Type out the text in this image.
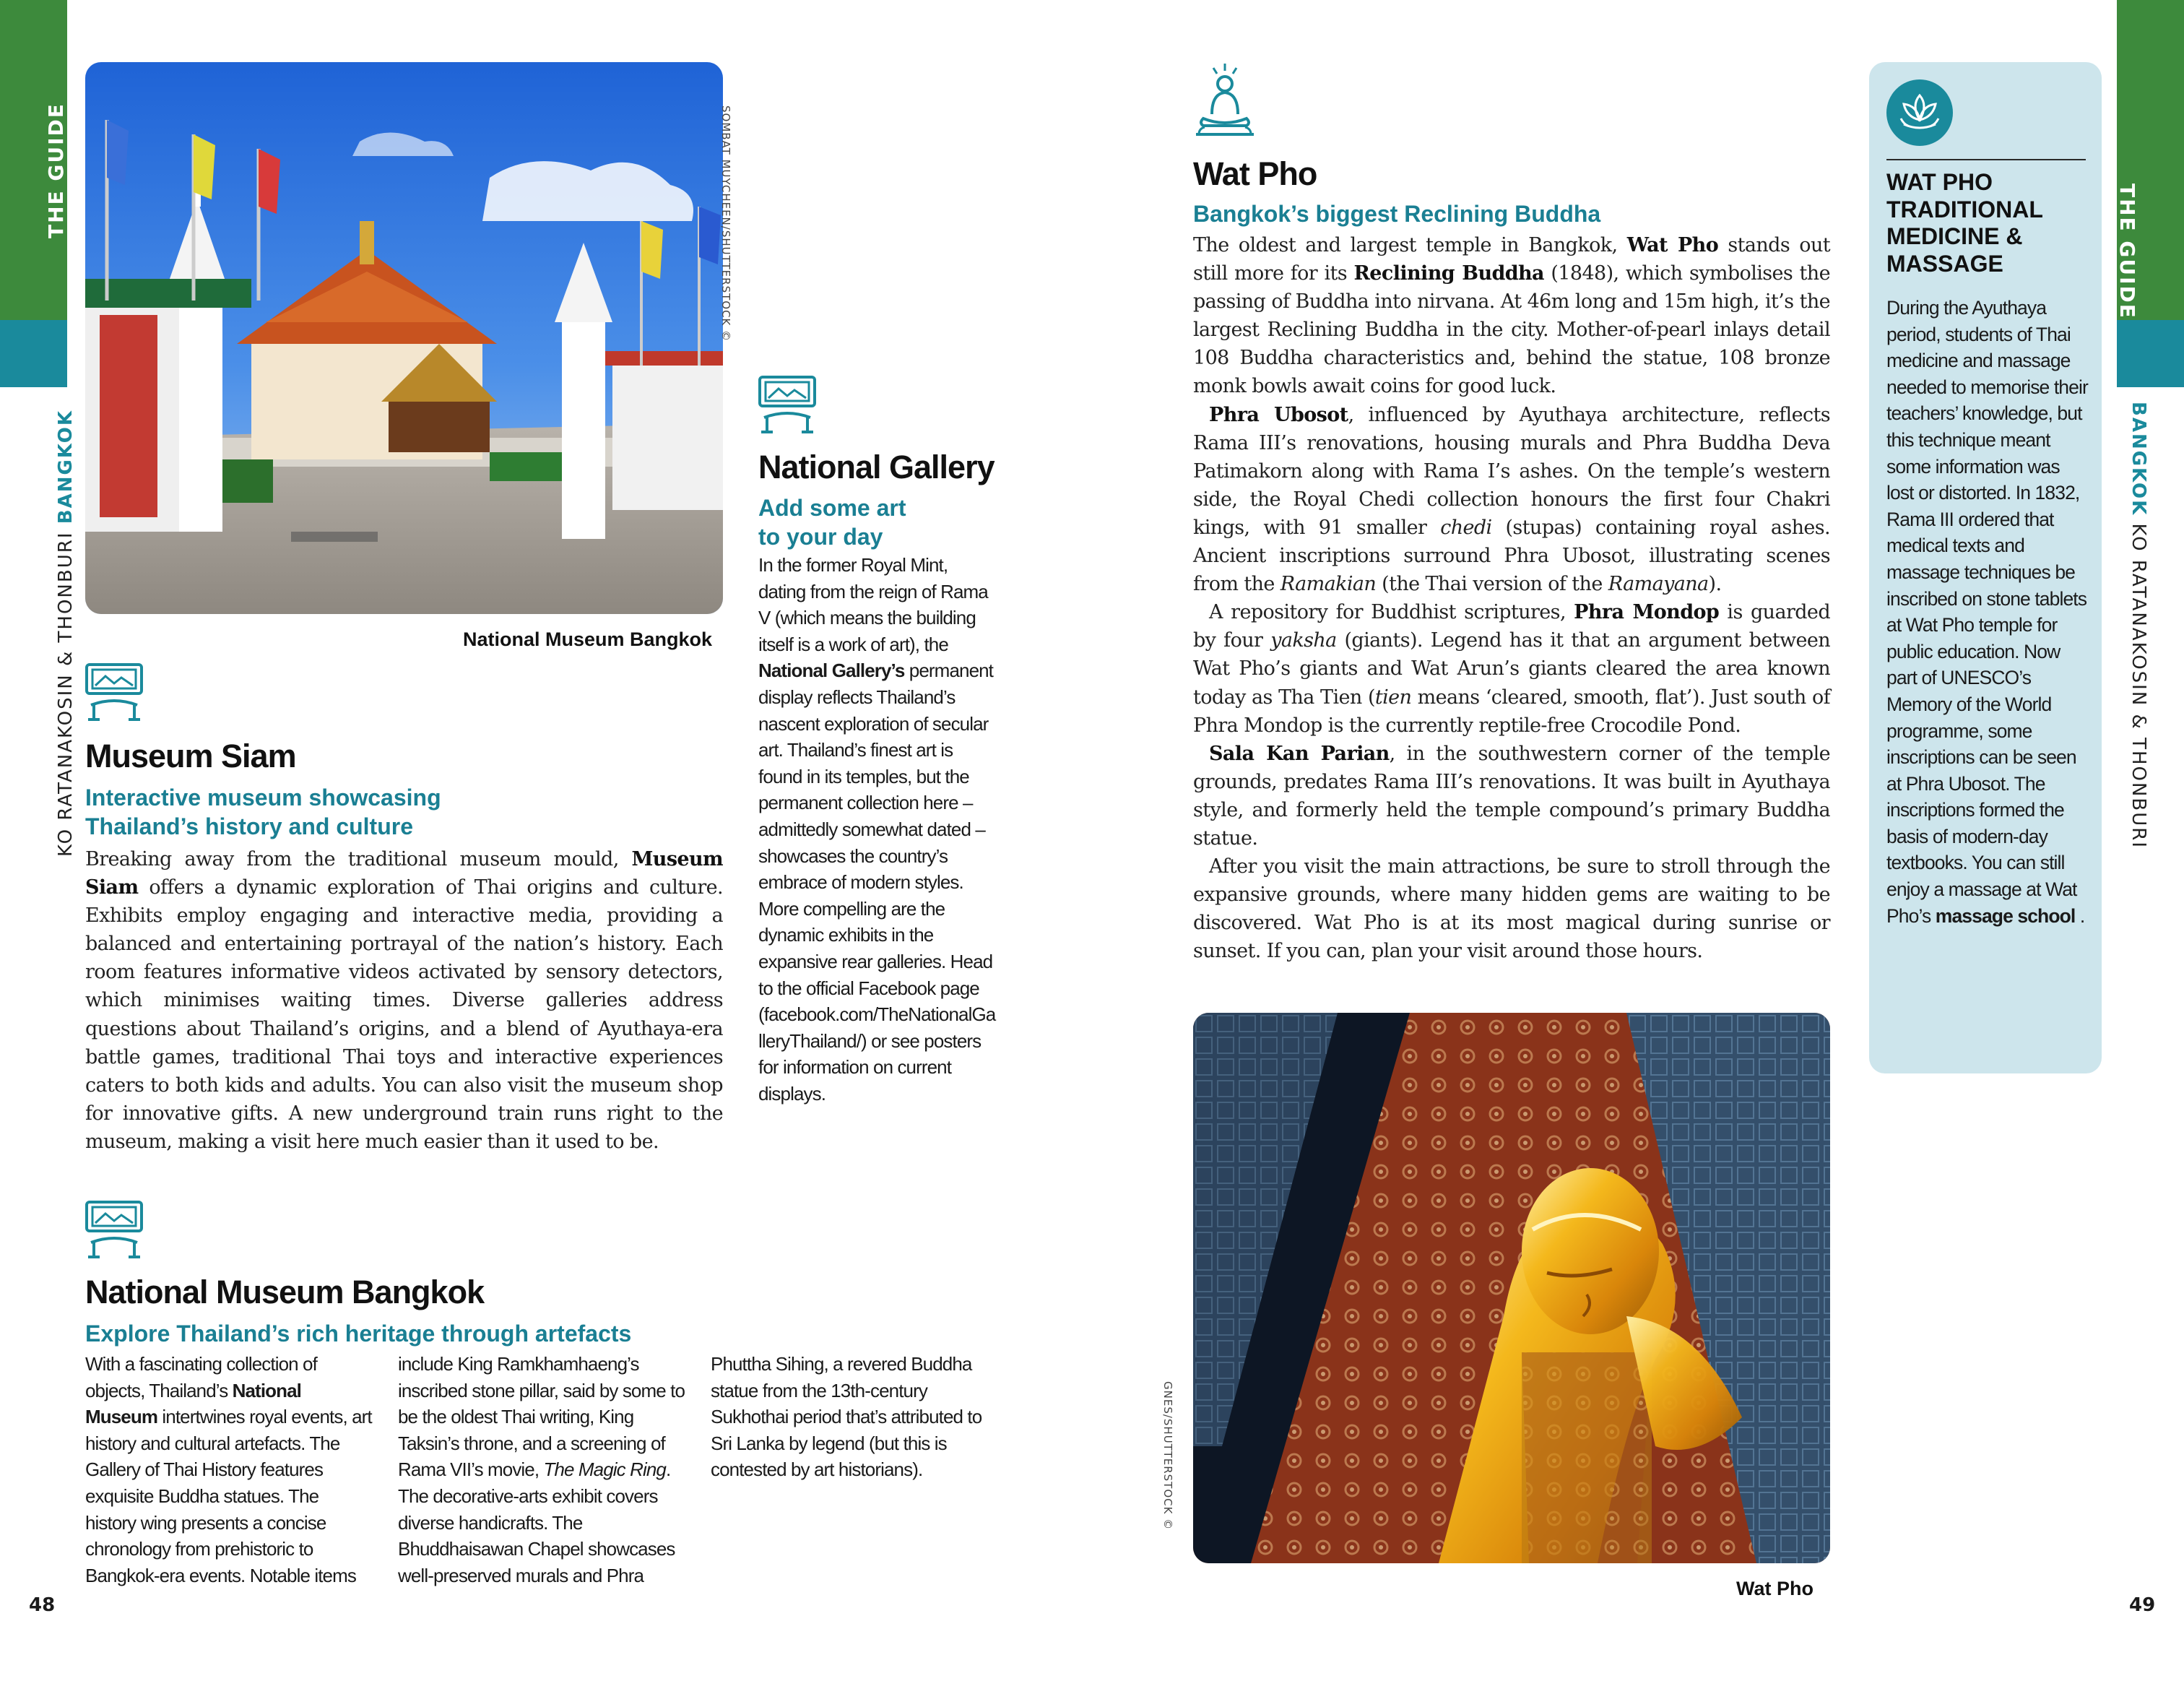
THE GUIDE
KO RATANAKOSIN & THONBURI BANGKOK
SOMBAT MUYCHEEN/SHUTTERSTOCK ©
National Museum Bangkok
Museum Siam
Interactive museum showcasing
Thailand’s history and culture

Breaking away from the traditional museum mould, Museum Siam offers a dynamic exploration of Thai origins and culture. Exhibits employ engaging and interactive media, providing a balanced and entertaining portrayal of the nation’s history. Each room features informative videos activated by sensory detectors, which minimises waiting times. Diverse galleries address questions about Thailand’s origins, and a blend of Ayuthaya-era battle games, traditional Thai toys and interactive experiences caters to both kids and adults. You can also visit the museum shop for innovative gifts. A new underground train runs right to the museum, making a visit here much easier than it used to be.

National Gallery
Add some art
to your day
In the former Royal Mint, dating from the reign of Rama V (which means the building itself is a work of art), the National Gallery’s permanent display reflects Thailand’s nascent exploration of secular art. Thailand’s finest art is found in its temples, but the permanent collection here – admittedly somewhat dated – showcases the country’s embrace of modern styles. More compelling are the dynamic exhibits in the expansive rear galleries. Head to the official Facebook page (facebook.com/TheNationalGalleryThailand/) or see posters for information on current displays.
National Museum Bangkok
Explore Thailand’s rich heritage through artefacts
With a fascinating collection of objects, Thailand’s National Museum intertwines royal events, art history and cultural artefacts. The Gallery of Thai History features exquisite Buddha statues. The history wing presents a concise chronology from prehistoric to Bangkok-era events. Notable items include King Ramkhamhaeng’s inscribed stone pillar, said by some to be the oldest Thai writing, King Taksin’s throne, and a screening of Rama VII’s movie, The Magic Ring. The decorative-arts exhibit covers diverse handicrafts. The Bhuddhaisawan Chapel showcases well-preserved murals and Phra Phuttha Sihing, a revered Buddha statue from the 13th-century Sukhothai period that’s attributed to Sri Lanka by legend (but this is contested by art historians).
48
Wat Pho
Bangkok’s biggest Reclining Buddha

The oldest and largest temple in Bangkok, Wat Pho stands out still more for its Reclining Buddha (1848), which symbolises the passing of Buddha into nirvana. At 46m long and 15m high, it’s the largest Reclining Buddha in the city. Mother-of-pearl inlays detail 108 Buddha characteristics and, behind the statue, 108 bronze monk bowls await coins for good luck.

Phra Ubosot, influenced by Ayuthaya architecture, reflects Rama III’s renovations, housing murals and Phra Buddha Deva Patimakorn along with Rama I’s ashes. On the temple’s western side, the Royal Chedi collection honours the first four Chakri kings, with 91 smaller chedi (stupas) containing royal ashes. Ancient inscriptions surround Phra Ubosot, illustrating scenes from the Ramakian (the Thai version of the Ramayana).

A repository for Buddhist scriptures, Phra Mondop is guarded by four yaksha (giants). Legend has it that an argument between Wat Pho’s giants and Wat Arun’s giants cleared the area known today as Tha Tien (tien means ‘cleared, smooth, flat’). Just south of Phra Mondop is the currently reptile-free Crocodile Pond.

Sala Kan Parian, in the southwestern corner of the temple grounds, predates Rama III’s renovations. It was built in Ayuthaya style, and formerly held the temple compound’s primary Buddha statue.

After you visit the main attractions, be sure to stroll through the expansive grounds, where many hidden gems are waiting to be discovered. Wat Pho is at its most magical during sunrise or sunset. If you can, plan your visit around those hours.

GNES/SHUTTERSTOCK ©
Wat Pho
WAT PHO TRADITIONAL MEDICINE & MASSAGE
During the Ayuthaya period, students of Thai medicine and massage needed to memorise their teachers’ knowledge, but this technique meant some information was lost or distorted. In 1832, Rama III ordered that medical texts and massage techniques be inscribed on stone tablets at Wat Pho temple for public education. Now part of UNESCO’s Memory of the World programme, some inscriptions can be seen at Phra Ubosot. The inscriptions formed the basis of modern-day textbooks. You can still enjoy a massage at Wat Pho’s massage school .
THE GUIDE
BANGKOK KO RATANAKOSIN & THONBURI
49
